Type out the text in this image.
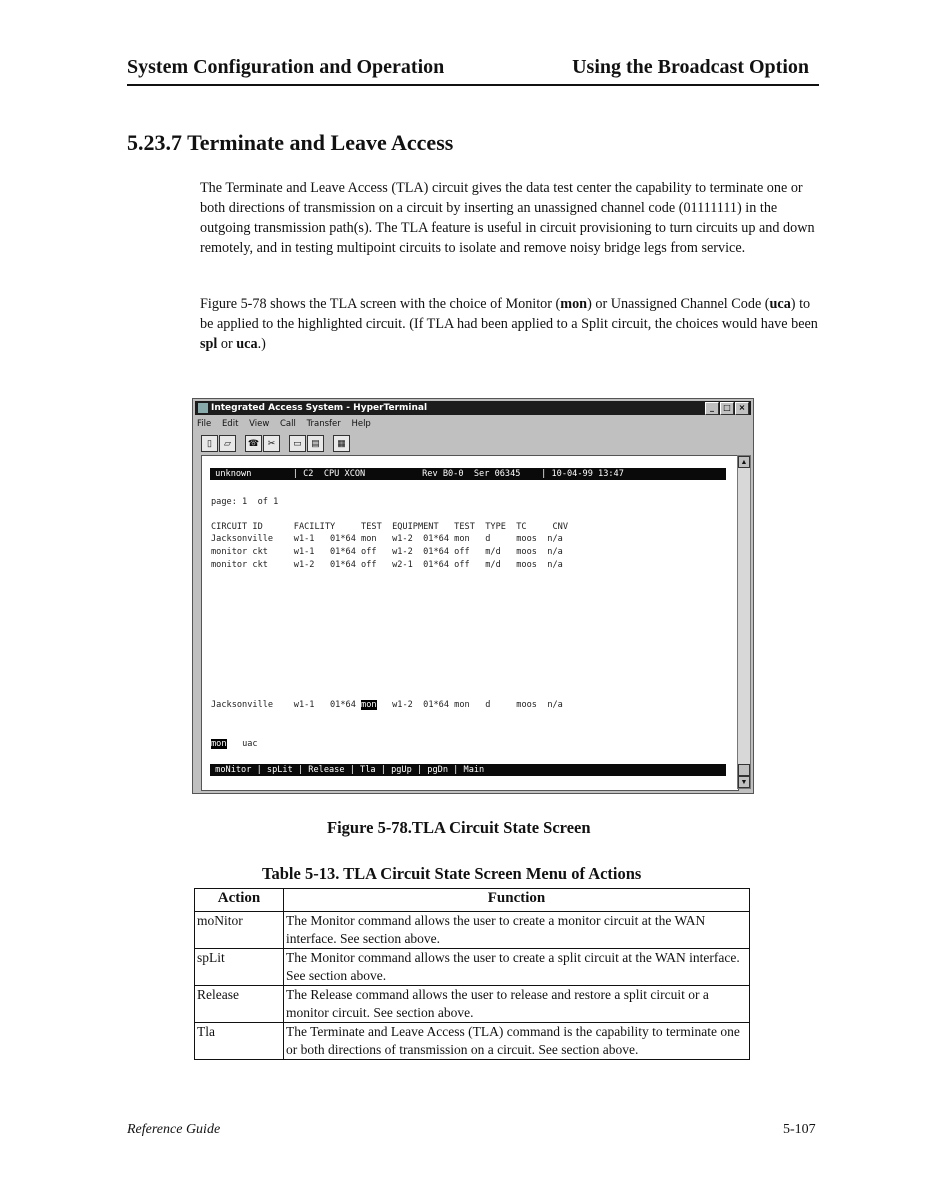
System Configuration and Operation	Using the Broadcast Option
5.23.7 Terminate and Leave Access

The Terminate and Leave Access (TLA) circuit gives the data test center the capability to terminate one or both directions of transmission on a circuit by inserting an unassigned channel code (01111111) in the outgoing transmission path(s). The TLA feature is useful in circuit provisioning to turn circuits up and down remotely, and in testing multipoint circuits to isolate and remove noisy bridge legs from service.

Figure 5-78 shows the TLA screen with the choice of Monitor (mon) or Unassigned Channel Code (uca) to be applied to the highlighted circuit. (If TLA had been applied to a Split circuit, the choices would have been spl or uca.)

Integrated Access System - HyperTerminal	_ □ ×
File Edit View Call Transfer Help
▯ ▱ ☎ ✂ ▭ ▤ ▦
unknown        | C2  CPU XCON           Rev B0-0  Ser 06345    | 10-04-99 13:47
page: 1  of 1
CIRCUIT ID      FACILITY     TEST  EQUIPMENT   TEST  TYPE  TC     CNV
Jacksonville    w1-1   01*64 mon   w1-2  01*64 mon   d     moos  n/a
monitor ckt     w1-1   01*64 off   w1-2  01*64 off   m/d   moos  n/a
monitor ckt     w1-2   01*64 off   w2-1  01*64 off   m/d   moos  n/a
Jacksonville    w1-1   01*64 mon   w1-2  01*64 mon   d     moos  n/a
mon uac
moNitor | spLit | Release | Tla | pgUp | pgDn | Main
▲
▼
Figure 5-78.TLA Circuit State Screen
Table 5-13. TLA Circuit State Screen Menu of Actions
Action	Function
moNitor	The Monitor command allows the user to create a monitor circuit at the WAN interface. See section above.
spLit	The Monitor command allows the user to create a split circuit at the WAN interface. See section above.
Release	The Release command allows the user to release and restore a split circuit or a monitor circuit. See section above.
Tla	The Terminate and Leave Access (TLA) command is the capability to terminate one or both directions of transmission on a circuit. See section above.
Reference Guide	5-107
